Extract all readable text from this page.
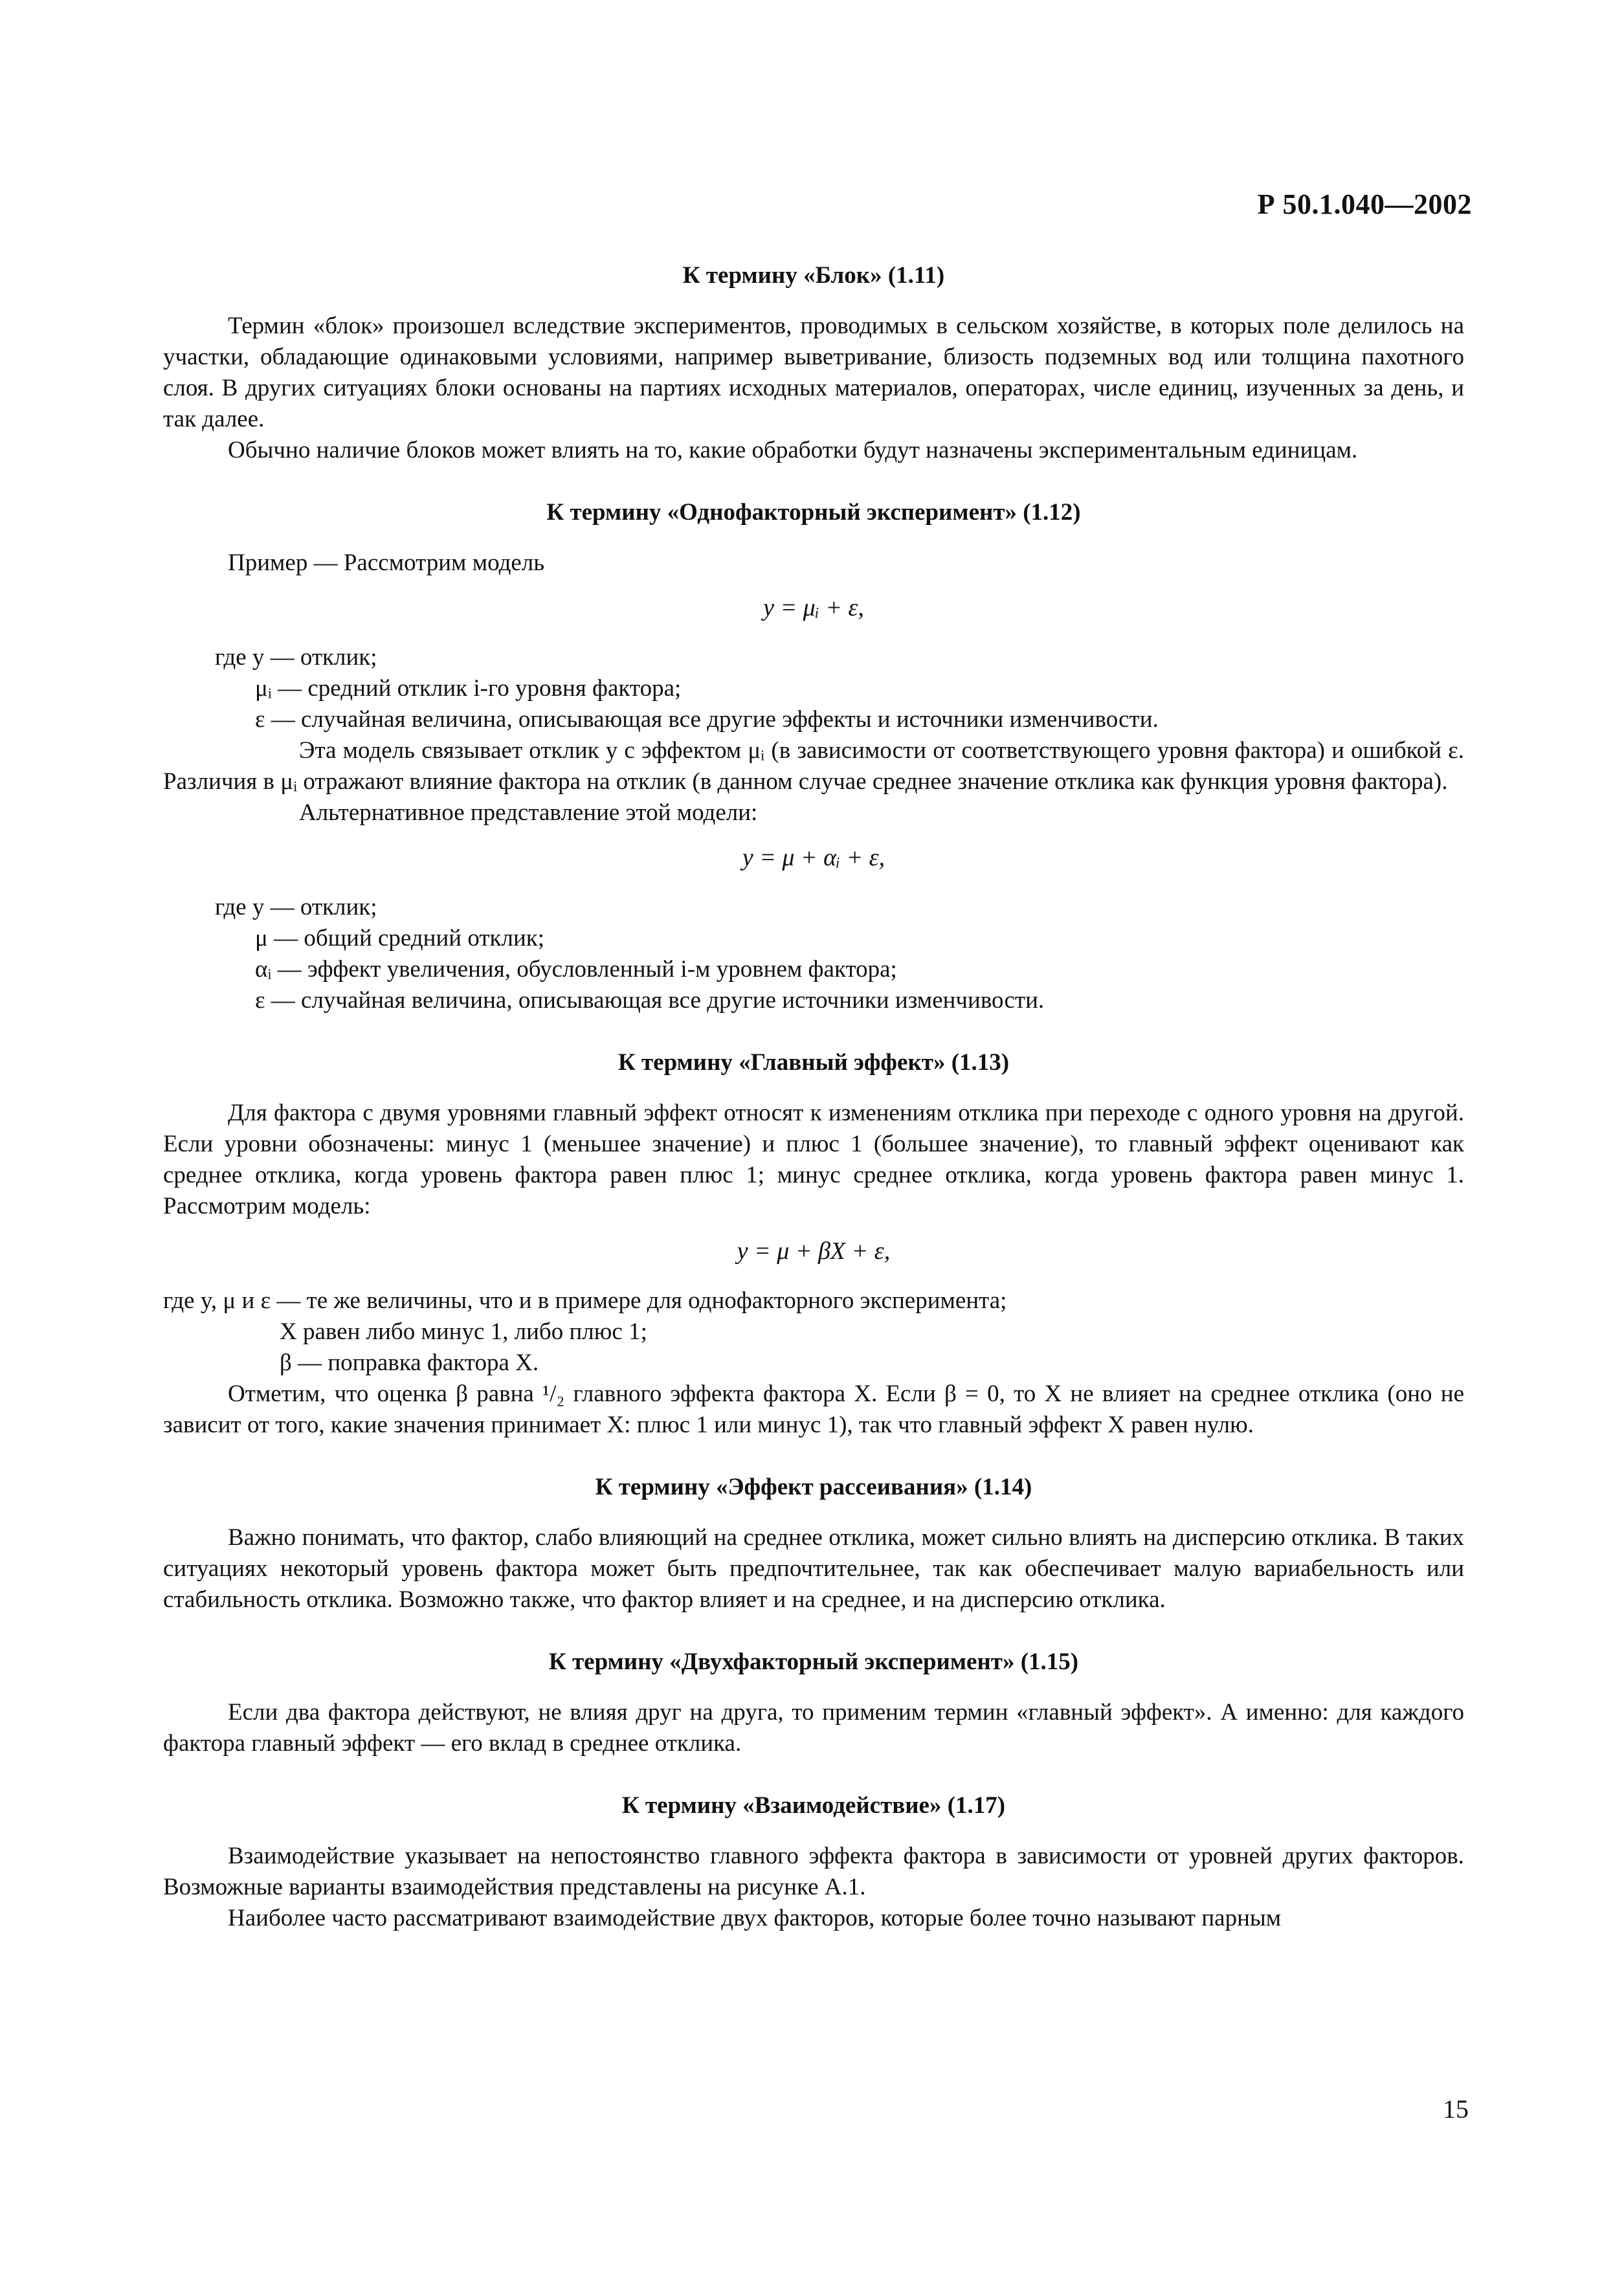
Р 50.1.040—2002
К термину «Блок» (1.11)

Термин «блок» произошел вследствие экспериментов, проводимых в сельском хозяйстве, в которых поле делилось на участки, обладающие одинаковыми условиями, например выветривание, близость подземных вод или толщина пахотного слоя. В других ситуациях блоки основаны на партиях исходных материалов, операторах, числе единиц, изученных за день, и так далее.

Обычно наличие блоков может влиять на то, какие обработки будут назначены экспериментальным единицам.

К термину «Однофакторный эксперимент» (1.12)

Пример — Рассмотрим модель

y = μᵢ + ε,
где y — отклик;
μᵢ — средний отклик i-го уровня фактора;
ε — случайная величина, описывающая все другие эффекты и источники изменчивости.

Эта модель связывает отклик y с эффектом μᵢ (в зависимости от соответствующего уровня фактора) и ошибкой ε. Различия в μᵢ отражают влияние фактора на отклик (в данном случае среднее значение отклика как функция уровня фактора).

Альтернативное представление этой модели:

y = μ + αᵢ + ε,
где y — отклик;
μ — общий средний отклик;
αᵢ — эффект увеличения, обусловленный i-м уровнем фактора;
ε — случайная величина, описывающая все другие источники изменчивости.
К термину «Главный эффект» (1.13)

Для фактора с двумя уровнями главный эффект относят к изменениям отклика при переходе с одного уровня на другой. Если уровни обозначены: минус 1 (меньшее значение) и плюс 1 (большее значение), то главный эффект оценивают как среднее отклика, когда уровень фактора равен плюс 1; минус среднее отклика, когда уровень фактора равен минус 1. Рассмотрим модель:

y = μ + βX + ε,
где y, μ и ε — те же величины, что и в примере для однофакторного эксперимента;
X равен либо минус 1, либо плюс 1;
β — поправка фактора X.

Отметим, что оценка β равна ¹/₂ главного эффекта фактора X. Если β = 0, то X не влияет на среднее отклика (оно не зависит от того, какие значения принимает X: плюс 1 или минус 1), так что главный эффект X равен нулю.

К термину «Эффект рассеивания» (1.14)

Важно понимать, что фактор, слабо влияющий на среднее отклика, может сильно влиять на дисперсию отклика. В таких ситуациях некоторый уровень фактора может быть предпочтительнее, так как обеспечивает малую вариабельность или стабильность отклика. Возможно также, что фактор влияет и на среднее, и на дисперсию отклика.

К термину «Двухфакторный эксперимент» (1.15)

Если два фактора действуют, не влияя друг на друга, то применим термин «главный эффект». А именно: для каждого фактора главный эффект — его вклад в среднее отклика.

К термину «Взаимодействие» (1.17)

Взаимодействие указывает на непостоянство главного эффекта фактора в зависимости от уровней других факторов. Возможные варианты взаимодействия представлены на рисунке А.1.

Наиболее часто рассматривают взаимодействие двух факторов, которые более точно называют парным

15
